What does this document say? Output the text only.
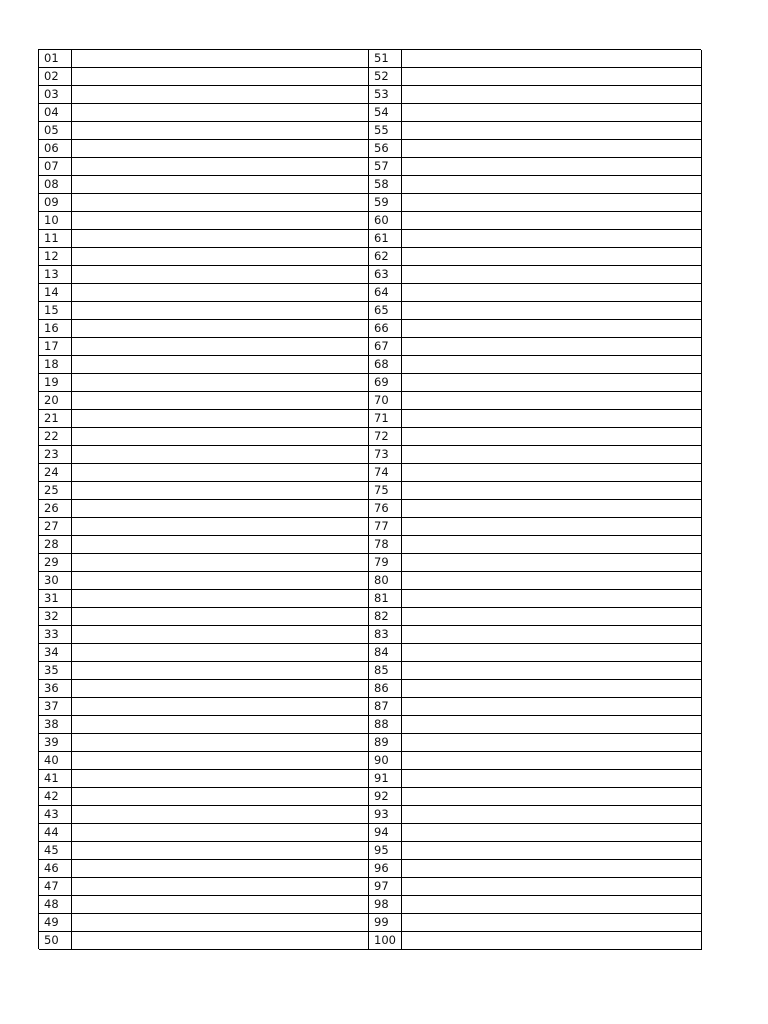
01	51
02	52
03	53
04	54
05	55
06	56
07	57
08	58
09	59
10	60
11	61
12	62
13	63
14	64
15	65
16	66
17	67
18	68
19	69
20	70
21	71
22	72
23	73
24	74
25	75
26	76
27	77
28	78
29	79
30	80
31	81
32	82
33	83
34	84
35	85
36	86
37	87
38	88
39	89
40	90
41	91
42	92
43	93
44	94
45	95
46	96
47	97
48	98
49	99
50	100
